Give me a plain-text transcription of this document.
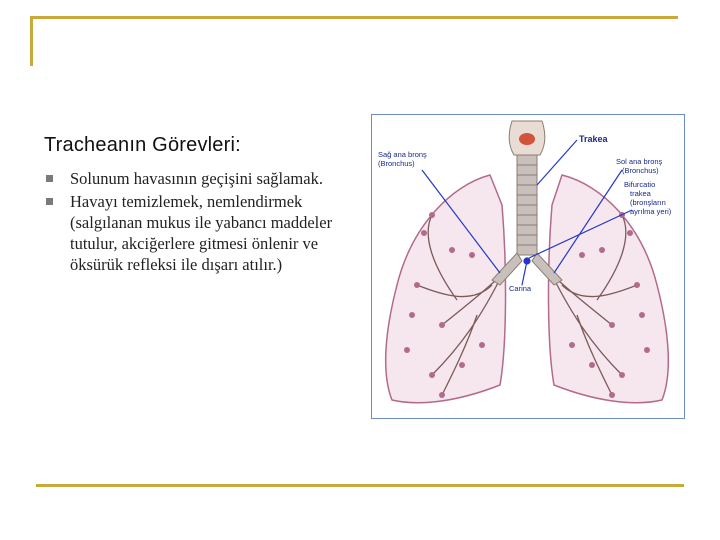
Tracheanın Görevleri:
Solunum havasının geçişini sağlamak.
Havayı temizlemek, nemlendirmek (salgılanan mukus ile yabancı maddeler tutulur, akciğerlere gitmesi önlenir ve öksürük refleksi ile dışarı atılır.)
Trakea
Sağ ana bronş
(Bronchus)	Sol ana bronş
(Bronchus)
Bifurcatio
trakea
(bronşların
ayrılma yeri)
Carina
